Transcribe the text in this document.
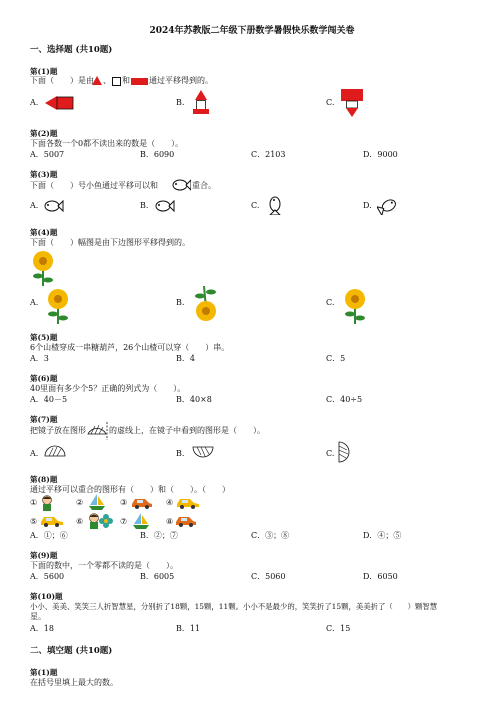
2024年苏教版二年级下册数学暑假快乐数学闯关卷
一、选择题 (共10题)
第(1)题
下面（　　）是由 、 和 通过平移得到的。
A.	B.	C.
第(2)题
下面各数一个0都不读出来的数是（　　）。
A．5007	B．6090	C．2103	D．9000
第(3)题
下面（　　）号小鱼通过平移可以和	重合。
A.	B.	C.	D.
第(4)题
下面（　　）幅图是由下边图形平移得到的。
A.	B.	C.
第(5)题
6个山楂穿成一串糖葫芦，26个山楂可以穿（　　）串。
A．3	B．4	C．5
第(6)题
40里面有多少个5？正确的列式为（　　）。
A．40－5	B．40×8	C．40÷5
第(7)题
把镜子放在图形	的虚线上，在镜子中看到的图形是（　　）。
A.	B.	C.
第(8)题
通过平移可以重合的图形有（　　）和（　　）。（　　）
①	②	③	④
⑤	⑥	⑦	⑧
A．①；⑥	B．②；⑦	C．③；⑧	D．④；⑤
第(9)题
下面的数中，一个零都不读的是（　　）。
A．5600	B．6005	C．5060	D．6050
第(10)题
小小、美美、笑笑三人折智慧星，分别折了18颗，15颗，11颗。小小不是最少的，笑笑折了15颗，美美折了（　　）颗智慧
星。
A．18	B．11	C．15
二、填空题 (共10题)
第(1)题
在括号里填上最大的数。
